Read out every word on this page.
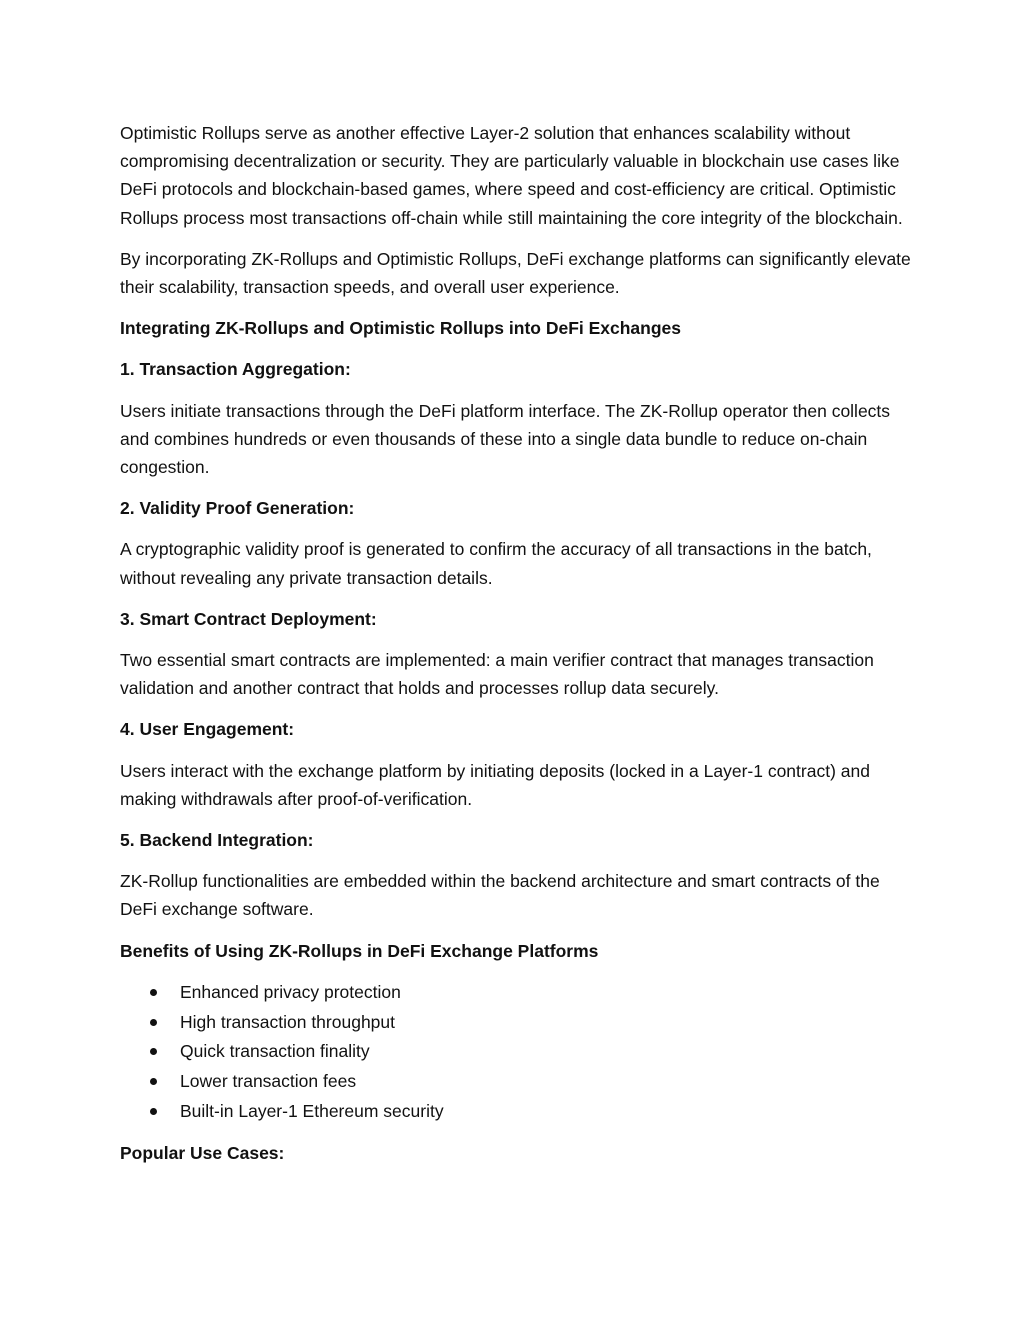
Optimistic Rollups serve as another effective Layer-2 solution that enhances scalability without compromising decentralization or security. They are particularly valuable in blockchain use cases like DeFi protocols and blockchain-based games, where speed and cost-efficiency are critical. Optimistic Rollups process most transactions off-chain while still maintaining the core integrity of the blockchain.

By incorporating ZK-Rollups and Optimistic Rollups, DeFi exchange platforms can significantly elevate their scalability, transaction speeds, and overall user experience.

Integrating ZK-Rollups and Optimistic Rollups into DeFi Exchanges

1. Transaction Aggregation:

Users initiate transactions through the DeFi platform interface. The ZK-Rollup operator then collects and combines hundreds or even thousands of these into a single data bundle to reduce on-chain congestion.

2. Validity Proof Generation:

A cryptographic validity proof is generated to confirm the accuracy of all transactions in the batch, without revealing any private transaction details.

3. Smart Contract Deployment:

Two essential smart contracts are implemented: a main verifier contract that manages transaction validation and another contract that holds and processes rollup data securely.

4. User Engagement:

Users interact with the exchange platform by initiating deposits (locked in a Layer-1 contract) and making withdrawals after proof-of-verification.

5. Backend Integration:

ZK-Rollup functionalities are embedded within the backend architecture and smart contracts of the DeFi exchange software.

Benefits of Using ZK-Rollups in DeFi Exchange Platforms

Enhanced privacy protection
High transaction throughput
Quick transaction finality
Lower transaction fees
Built-in Layer-1 Ethereum security

Popular Use Cases:
